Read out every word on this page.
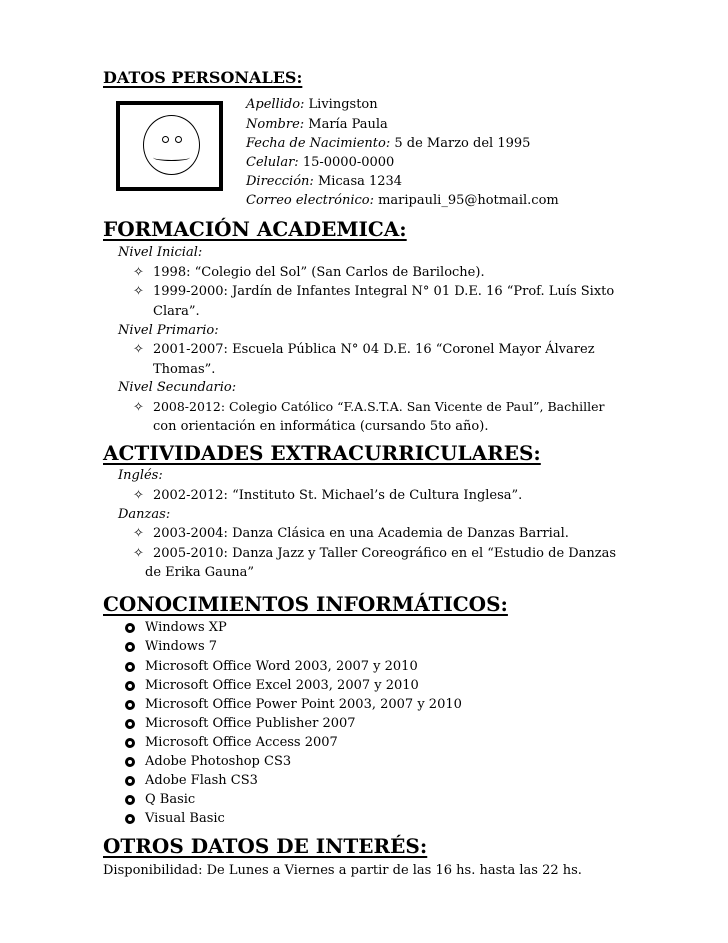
DATOS PERSONALES:
Apellido: Livingston
Nombre: María Paula
Fecha de Nacimiento: 5 de Marzo del 1995
Celular: 15-0000-0000
Dirección: Micasa 1234
Correo electrónico: maripauli_95@hotmail.com
FORMACIÓN ACADEMICA:
Nivel Inicial:
✧ 1998: “Colegio del Sol” (San Carlos de Bariloche).
✧ 1999-2000: Jardín de Infantes Integral N° 01 D.E. 16 “Prof. Luís Sixto
Clara”.
Nivel Primario:
✧ 2001-2007: Escuela Pública N° 04 D.E. 16 “Coronel Mayor Álvarez
Thomas”.
Nivel Secundario:
✧ 2008-2012: Colegio Católico “F.A.S.T.A. San Vicente de Paul”, Bachiller
con orientación en informática (cursando 5to año).
ACTIVIDADES EXTRACURRICULARES:
Inglés:
✧ 2002-2012: “Instituto St. Michael’s de Cultura Inglesa”.
Danzas:
✧ 2003-2004: Danza Clásica en una Academia de Danzas Barrial.
✧ 2005-2010: Danza Jazz y Taller Coreográfico en el “Estudio de Danzas
de Erika Gauna”
CONOCIMIENTOS INFORMÁTICOS:
Windows XP
Windows 7
Microsoft Office Word 2003, 2007 y 2010
Microsoft Office Excel 2003, 2007 y 2010
Microsoft Office Power Point 2003, 2007 y 2010
Microsoft Office Publisher 2007
Microsoft Office Access 2007
Adobe Photoshop CS3
Adobe Flash CS3
Q Basic
Visual Basic
OTROS DATOS DE INTERÉS:
Disponibilidad: De Lunes a Viernes a partir de las 16 hs. hasta las 22 hs.
